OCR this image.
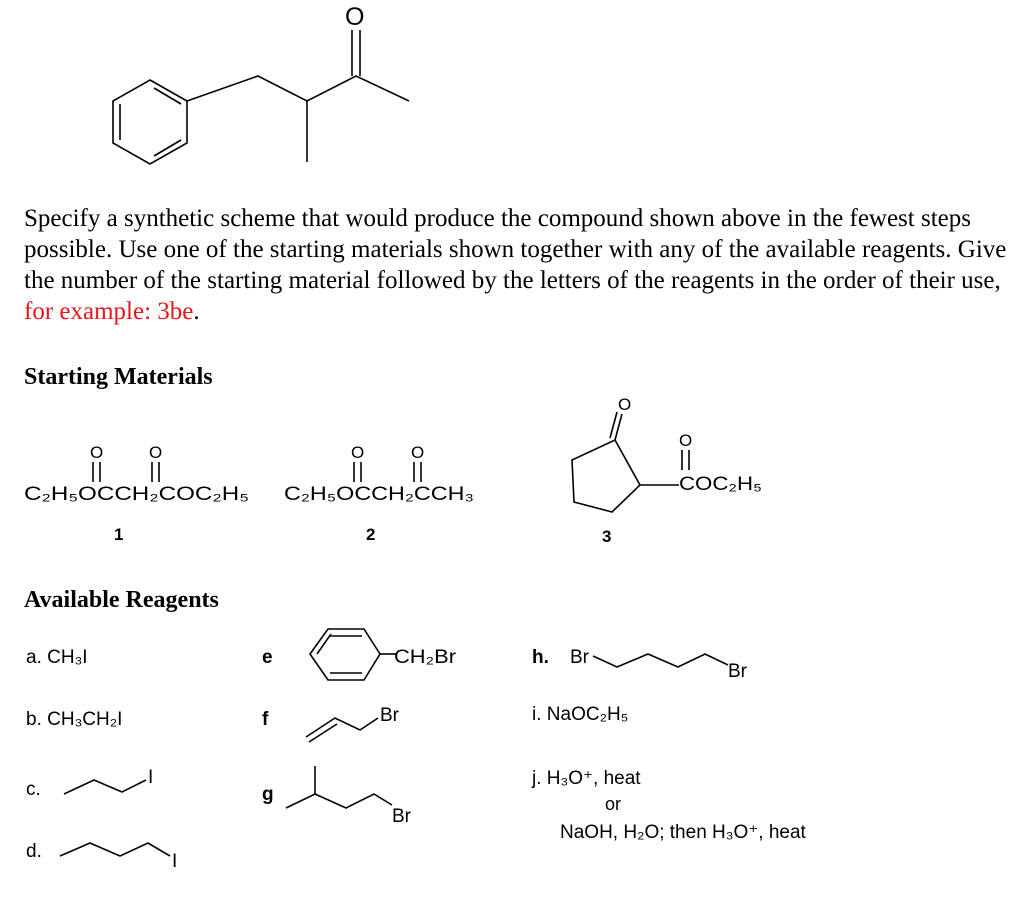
O
Specify a synthetic scheme that would produce the compound shown above in the fewest steps possible. Use one of the starting materials shown together with any of the available reagents. Give the number of the starting material followed by the letters of the reagents in the order of their use, for example: 3be.
Starting Materials
O	O
C₂H₅OCCH₂COC₂H₅
1
O	O
C₂H₅OCCH₂CCH₃
2
O
O
COC₂H₅
3
Available Reagents
a. CH₃I
b. CH₃CH₂I
c.
I
d.	I
e	CH₂Br
f	Br
g
Br
h. Br
Br
i. NaOC₂H₅
j. H₃O⁺, heat
or
NaOH, H₂O; then H₃O⁺, heat
